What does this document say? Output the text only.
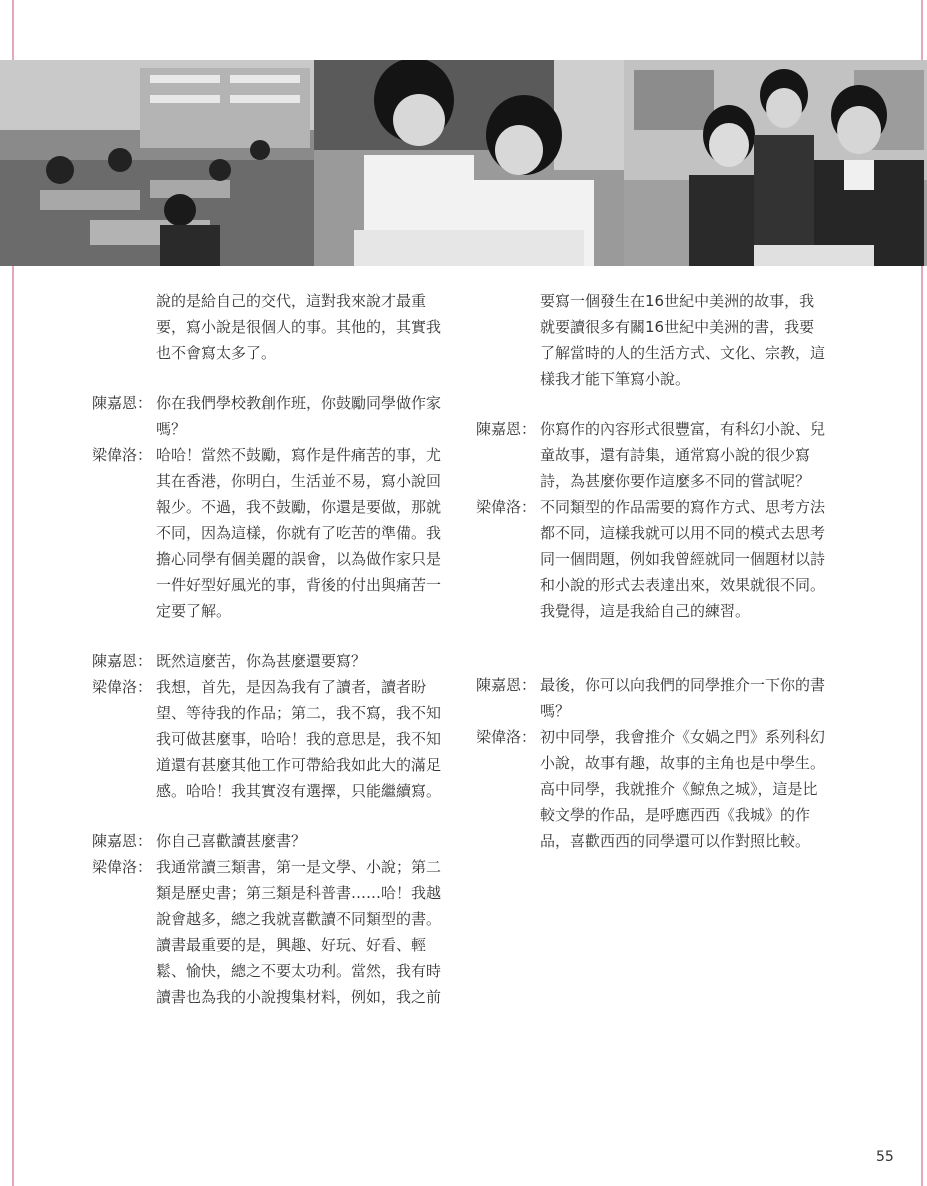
說的是給自己的交代，這對我來說才最重
要，寫小說是很個人的事。其他的，其實我
也不會寫太多了。
陳嘉恩： 你在我們學校教創作班，你鼓勵同學做作家
嗎？
梁偉洛： 哈哈！當然不鼓勵，寫作是件痛苦的事，尤
其在香港，你明白，生活並不易，寫小說回
報少。不過，我不鼓勵，你還是要做，那就
不同，因為這樣，你就有了吃苦的準備。我
擔心同學有個美麗的誤會，以為做作家只是
一件好型好風光的事，背後的付出與痛苦一
定要了解。
陳嘉恩： 既然這麼苦，你為甚麼還要寫？
梁偉洛： 我想，首先，是因為我有了讀者，讀者盼
望、等待我的作品；第二，我不寫，我不知
我可做甚麼事，哈哈！我的意思是，我不知
道還有甚麼其他工作可帶給我如此大的滿足
感。哈哈！我其實沒有選擇，只能繼續寫。
陳嘉恩： 你自己喜歡讀甚麼書？
梁偉洛： 我通常讀三類書，第一是文學、小說；第二
類是歷史書；第三類是科普書……哈！我越
說會越多，總之我就喜歡讀不同類型的書。
讀書最重要的是，興趣、好玩、好看、輕
鬆、愉快，總之不要太功利。當然，我有時
讀書也為我的小說搜集材料，例如，我之前
要寫一個發生在16世紀中美洲的故事，我
就要讀很多有關16世紀中美洲的書，我要
了解當時的人的生活方式、文化、宗教，這
樣我才能下筆寫小說。
陳嘉恩： 你寫作的內容形式很豐富，有科幻小說、兒
童故事，還有詩集，通常寫小說的很少寫
詩，為甚麼你要作這麼多不同的嘗試呢？
梁偉洛： 不同類型的作品需要的寫作方式、思考方法
都不同，這樣我就可以用不同的模式去思考
同一個問題，例如我曾經就同一個題材以詩
和小說的形式去表達出來，效果就很不同。
我覺得，這是我給自己的練習。
陳嘉恩： 最後，你可以向我們的同學推介一下你的書
嗎？
梁偉洛： 初中同學，我會推介《女媧之門》系列科幻
小說，故事有趣，故事的主角也是中學生。
高中同學，我就推介《鯨魚之城》，這是比
較文學的作品，是呼應西西《我城》的作
品，喜歡西西的同學還可以作對照比較。
55
